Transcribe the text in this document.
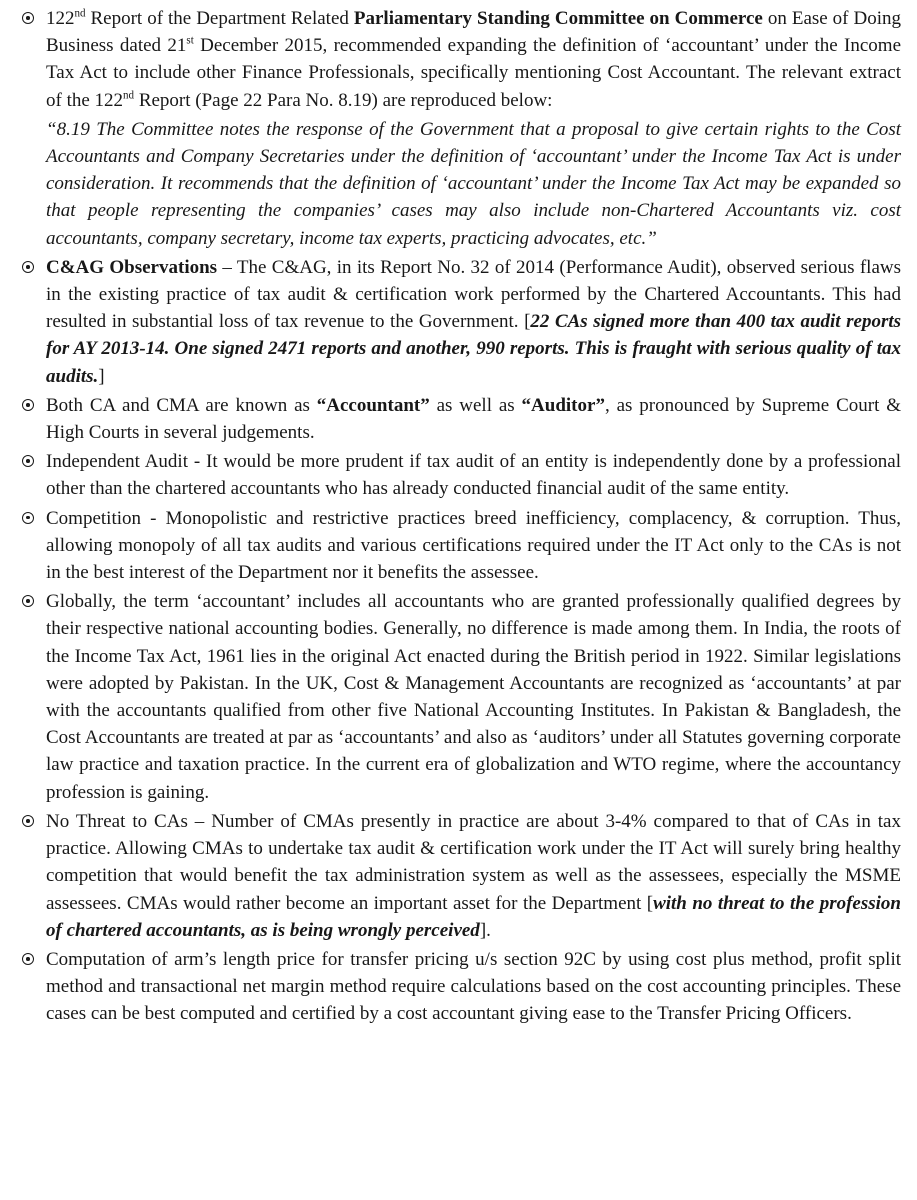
122nd Report of the Department Related Parliamentary Standing Committee on Commerce on Ease of Doing Business dated 21st December 2015, recommended expanding the definition of ‘accountant’ under the Income Tax Act to include other Finance Professionals, specifically mentioning Cost Accountant. The relevant extract of the 122nd Report (Page 22 Para No. 8.19) are reproduced below:

“8.19 The Committee notes the response of the Government that a proposal to give certain rights to the Cost Accountants and Company Secretaries under the definition of ‘accountant’ under the Income Tax Act is under consideration. It recommends that the definition of ‘accountant’ under the Income Tax Act may be expanded so that people representing the companies’ cases may also include non-Chartered Accountants viz. cost accountants, company secretary, income tax experts, practicing advocates, etc.”

C&AG Observations – The C&AG, in its Report No. 32 of 2014 (Performance Audit), observed serious flaws in the existing practice of tax audit & certification work performed by the Chartered Accountants. This had resulted in substantial loss of tax revenue to the Government. [22 CAs signed more than 400 tax audit reports for AY 2013-14. One signed 2471 reports and another, 990 reports. This is fraught with serious quality of tax audits.]

Both CA and CMA are known as “Accountant” as well as “Auditor”, as pronounced by Supreme Court & High Courts in several judgements.

Independent Audit - It would be more prudent if tax audit of an entity is independently done by a professional other than the chartered accountants who has already conducted financial audit of the same entity.

Competition - Monopolistic and restrictive practices breed inefficiency, complacency, & corruption. Thus, allowing monopoly of all tax audits and various certifications required under the IT Act only to the CAs is not in the best interest of the Department nor it benefits the assessee.

Globally, the term ‘accountant’ includes all accountants who are granted professionally qualified degrees by their respective national accounting bodies. Generally, no difference is made among them. In India, the roots of the Income Tax Act, 1961 lies in the original Act enacted during the British period in 1922. Similar legislations were adopted by Pakistan. In the UK, Cost & Management Accountants are recognized as ‘accountants’ at par with the accountants qualified from other five National Accounting Institutes. In Pakistan & Bangladesh, the Cost Accountants are treated at par as ‘accountants’ and also as ‘auditors’ under all Statutes governing corporate law practice and taxation practice. In the current era of globalization and WTO regime, where the accountancy profession is gaining.

No Threat to CAs – Number of CMAs presently in practice are about 3-4% compared to that of CAs in tax practice. Allowing CMAs to undertake tax audit & certification work under the IT Act will surely bring healthy competition that would benefit the tax administration system as well as the assessees, especially the MSME assessees. CMAs would rather become an important asset for the Department [with no threat to the profession of chartered accountants, as is being wrongly perceived].

Computation of arm’s length price for transfer pricing u/s section 92C by using cost plus method, profit split method and transactional net margin method require calculations based on the cost accounting principles. These cases can be best computed and certified by a cost accountant giving ease to the Transfer Pricing Officers.
